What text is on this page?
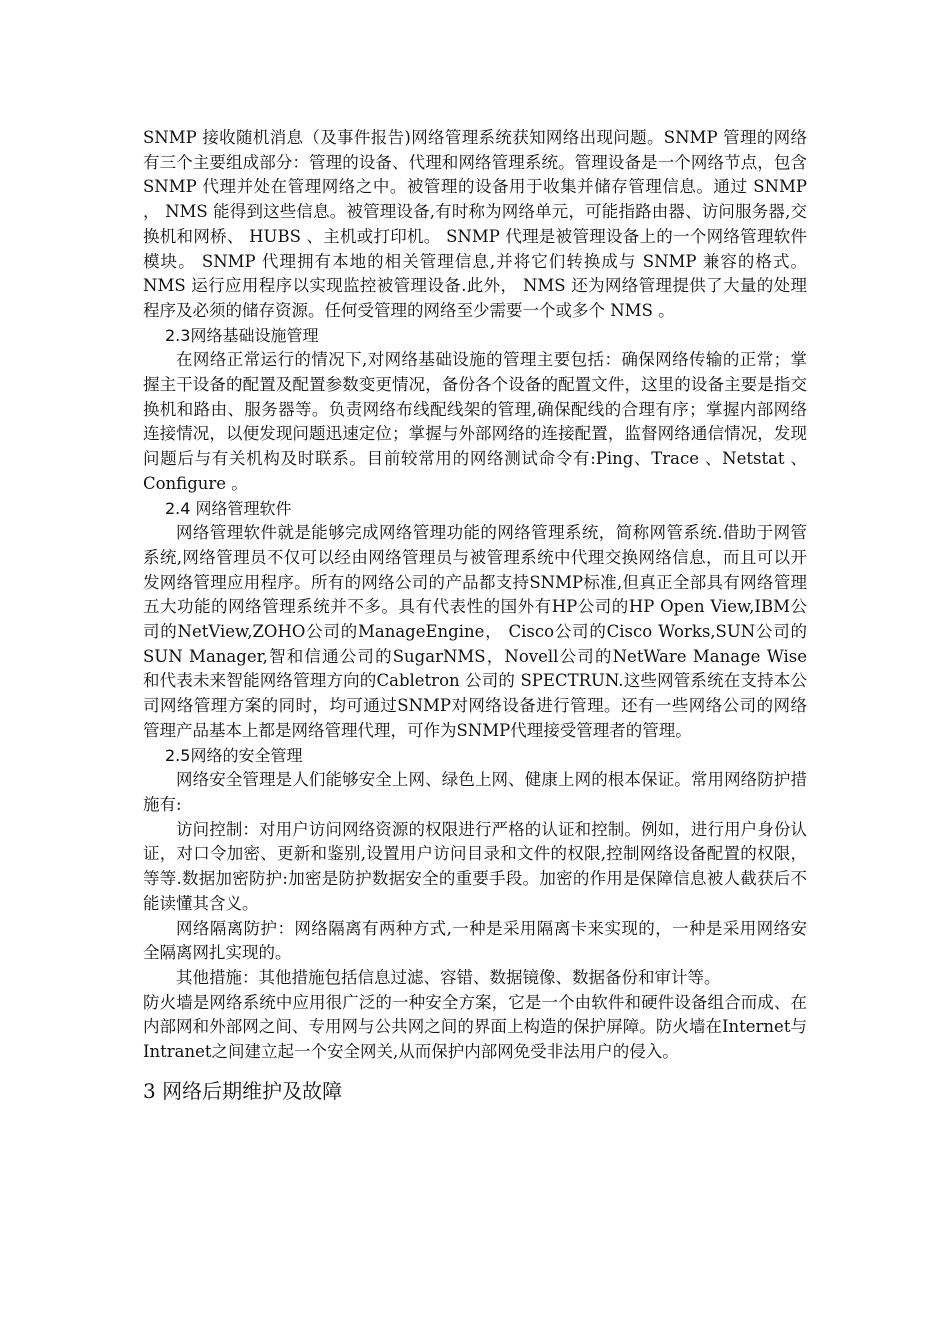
SNMP 接收随机消息（及事件报告)网络管理系统获知网络出现问题。SNMP 管理的网络有三个主要组成部分：管理的设备、代理和网络管理系统。管理设备是一个网络节点，包含 SNMP 代理并处在管理网络之中。被管理的设备用于收集并储存管理信息。通过 SNMP ， NMS 能得到这些信息。被管理设备,有时称为网络单元，可能指路由器、访问服务器,交换机和网桥、 HUBS 、主机或打印机。 SNMP 代理是被管理设备上的一个网络管理软件模块。 SNMP 代理拥有本地的相关管理信息,并将它们转换成与 SNMP 兼容的格式。 NMS 运行应用程序以实现监控被管理设备.此外， NMS 还为网络管理提供了大量的处理程序及必须的储存资源。任何受管理的网络至少需要一个或多个 NMS 。

2.3网络基础设施管理

在网络正常运行的情况下,对网络基础设施的管理主要包括：确保网络传输的正常；掌握主干设备的配置及配置参数变更情况，备份各个设备的配置文件，这里的设备主要是指交换机和路由、服务器等。负责网络布线配线架的管理,确保配线的合理有序；掌握内部网络连接情况，以便发现问题迅速定位；掌握与外部网络的连接配置，监督网络通信情况，发现问题后与有关机构及时联系。目前较常用的网络测试命令有:Ping、Trace 、Netstat 、Configure 。

2.4 网络管理软件

网络管理软件就是能够完成网络管理功能的网络管理系统，简称网管系统.借助于网管系统,网络管理员不仅可以经由网络管理员与被管理系统中代理交换网络信息，而且可以开发网络管理应用程序。所有的网络公司的产品都支持SNMP标准,但真正全部具有网络管理五大功能的网络管理系统并不多。具有代表性的国外有HP公司的HP Open View,IBM公司的NetView,ZOHO公司的ManageEngine， Cisco公司的Cisco Works,SUN公司的SUN Manager,智和信通公司的SugarNMS，Novell公司的NetWare Manage Wise 和代表未来智能网络管理方向的Cabletron 公司的 SPECTRUN.这些网管系统在支持本公司网络管理方案的同时，均可通过SNMP对网络设备进行管理。还有一些网络公司的网络管理产品基本上都是网络管理代理，可作为SNMP代理接受管理者的管理。

2.5网络的安全管理

网络安全管理是人们能够安全上网、绿色上网、健康上网的根本保证。常用网络防护措施有:

访问控制：对用户访问网络资源的权限进行严格的认证和控制。例如，进行用户身份认证，对口令加密、更新和鉴别,设置用户访问目录和文件的权限,控制网络设备配置的权限，等等.数据加密防护:加密是防护数据安全的重要手段。加密的作用是保障信息被人截获后不能读懂其含义。

网络隔离防护：网络隔离有两种方式,一种是采用隔离卡来实现的，一种是采用网络安全隔离网扎实现的。

其他措施：其他措施包括信息过滤、容错、数据镜像、数据备份和审计等。

防火墙是网络系统中应用很广泛的一种安全方案，它是一个由软件和硬件设备组合而成、在内部网和外部网之间、专用网与公共网之间的界面上构造的保护屏障。防火墙在Internet与Intranet之间建立起一个安全网关,从而保护内部网免受非法用户的侵入。

3 网络后期维护及故障
